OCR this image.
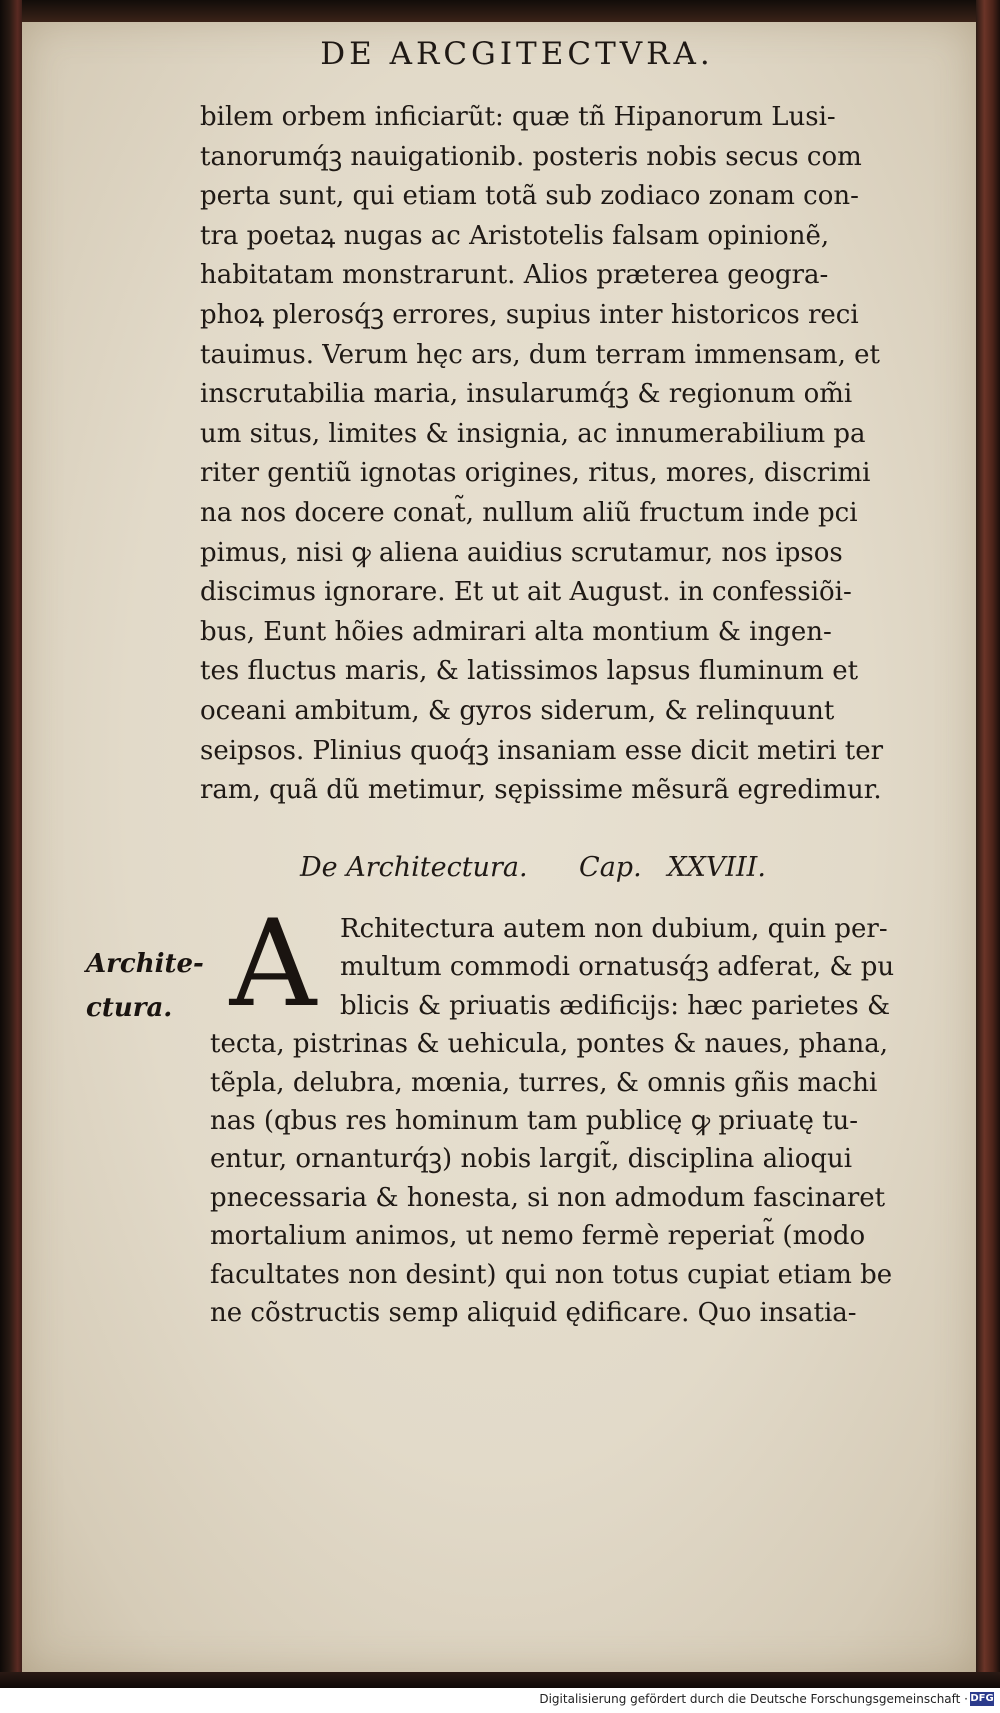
DE ARCGITECTVRA.
bilem orbem inficiarũt: quæ tñ Hipanorum Lusi-
tanorumq́ꝫ nauigationib. posteris nobis secus com
perta sunt, qui etiam totã sub zodiaco zonam con-
tra poetaꝝ nugas ac Aristotelis falsam opinionẽ,
habitatam monstrarunt. Alios præterea geogra-
phoꝝ plerosq́ꝫ errores, supius inter historicos reci
tauimus. Verum hęc ars, dum terram immensam, et
inscrutabilia maria, insularumq́ꝫ & regionum om̃i
um situs, limites & insignia, ac innumerabilium pa
riter gentiũ ignotas origines, ritus, mores, discrimi
na nos docere conat̃, nullum aliũ fructum inde pci
pimus, nisi ꝙ aliena auidius scrutamur, nos ipsos
discimus ignorare. Et ut ait August. in confessiõi-
bus, Eunt hõies admirari alta montium & ingen-
tes fluctus maris, & latissimos lapsus fluminum et
oceani ambitum, & gyros siderum, & relinquunt
seipsos. Plinius quoq́ꝫ insaniam esse dicit metiri ter
ram, quã dũ metimur, sępissime mẽsurã egredimur.
De Architectura.      Cap.   XXVIII.
A Rchitectura autem non dubium, quin per-
multum commodi ornatusq́ꝫ adferat, & pu
blicis & priuatis ædificijs: hæc parietes &
tecta, pistrinas & uehicula, pontes & naues, phana,
tẽpla, delubra, mœnia, turres, & omnis gñis machi
nas (qbus res hominum tam publicę ꝙ priuatę tu-
entur, ornanturq́ꝫ) nobis largit̃, disciplina alioqui
pnecessaria & honesta, si non admodum fascinaret
mortalium animos, ut nemo fermè reperiat̃ (modo
facultates non desint) qui non totus cupiat etiam be
ne cõstructis semp aliquid ędificare. Quo insatia-
Archite-
ctura.
Digitalisierung gefördert durch die Deutsche Forschungsgemeinschaft · DFG
